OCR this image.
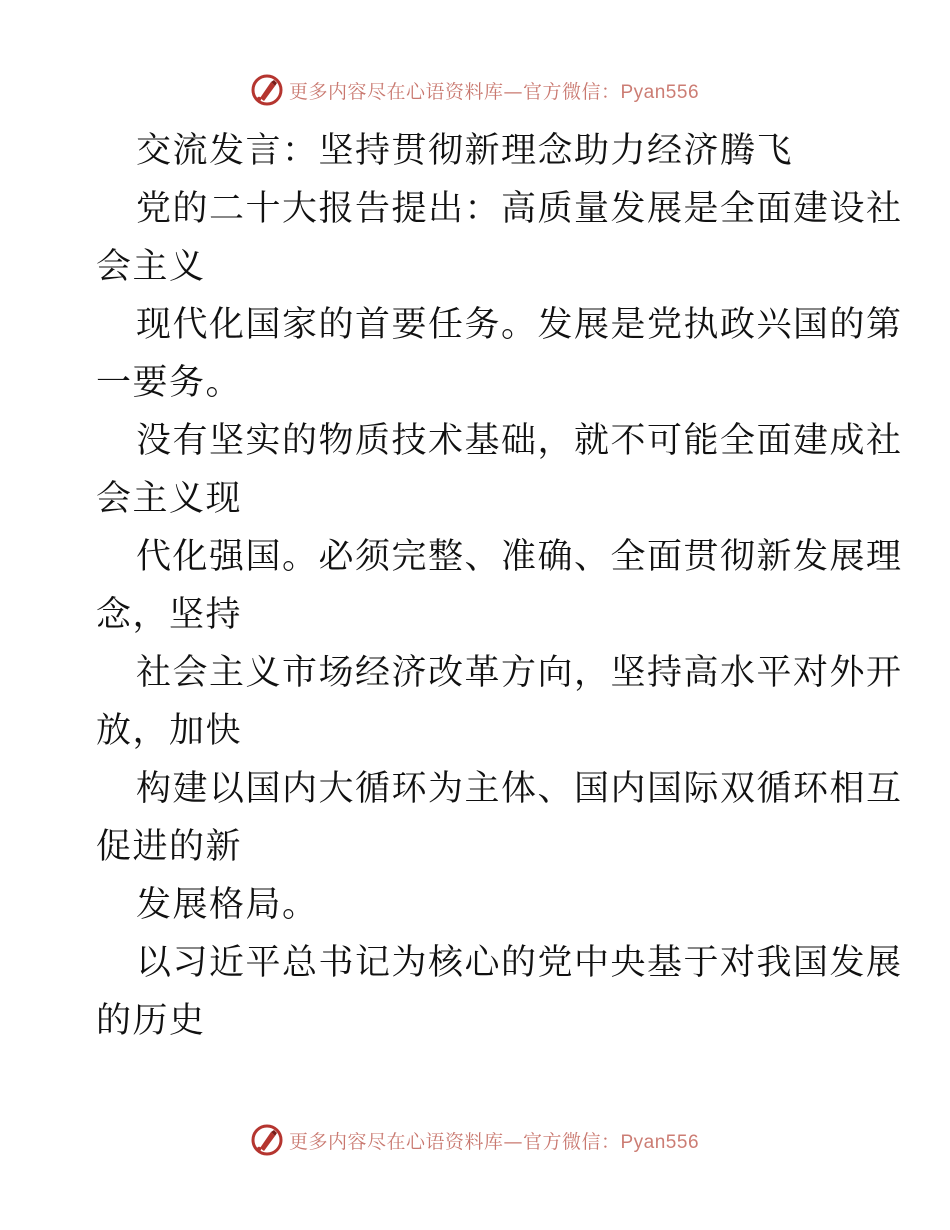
更多内容尽在心语资料库—官方微信：Pyan556
交流发言：坚持贯彻新理念助力经济腾飞
党的二十大报告提出：高质量发展是全面建设社
会主义
现代化国家的首要任务。发展是党执政兴国的第
一要务。
没有坚实的物质技术基础，就不可能全面建成社
会主义现
代化强国。必须完整、准确、全面贯彻新发展理
念，坚持
社会主义市场经济改革方向，坚持高水平对外开
放，加快
构建以国内大循环为主体、国内国际双循环相互
促进的新
发展格局。
以习近平总书记为核心的党中央基于对我国发展
的历史
更多内容尽在心语资料库—官方微信：Pyan556
